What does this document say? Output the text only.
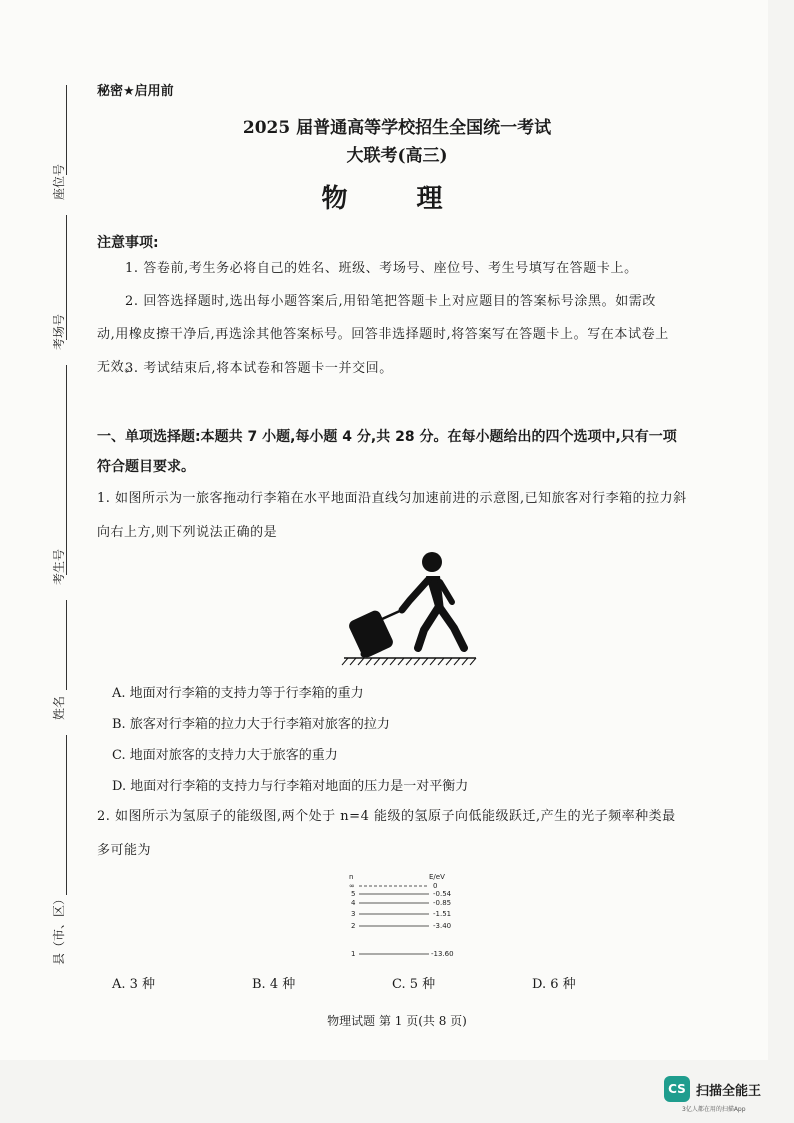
座位号
考场号
考生号
姓名
县（市、区）
秘密★启用前
2025 届普通高等学校招生全国统一考试
大联考(高三)
物 理
注意事项:
1. 答卷前,考生务必将自己的姓名、班级、考场号、座位号、考生号填写在答题卡上。
2. 回答选择题时,选出每小题答案后,用铅笔把答题卡上对应题目的答案标号涂黑。如需改动,用橡皮擦干净后,再选涂其他答案标号。回答非选择题时,将答案写在答题卡上。写在本试卷上无效。
3. 考试结束后,将本试卷和答题卡一并交回。
一、单项选择题:本题共 7 小题,每小题 4 分,共 28 分。在每小题给出的四个选项中,只有一项符合题目要求。
1. 如图所示为一旅客拖动行李箱在水平地面沿直线匀加速前进的示意图,已知旅客对行李箱的拉力斜向右上方,则下列说法正确的是
A. 地面对行李箱的支持力等于行李箱的重力
B. 旅客对行李箱的拉力大于行李箱对旅客的拉力
C. 地面对旅客的支持力大于旅客的重力
D. 地面对行李箱的支持力与行李箱对地面的压力是一对平衡力
2. 如图所示为氢原子的能级图,两个处于 n=4 能级的氢原子向低能级跃迁,产生的光子频率种类最多可能为
n	E/eV
∞	0
5	-0.54
4	-0.85
3	-1.51
2	-3.40
1	-13.60
A. 3 种	B. 4 种	C. 5 种	D. 6 种
物理试题 第 1 页(共 8 页)
CS 扫描全能王
3亿人都在用的扫描App
